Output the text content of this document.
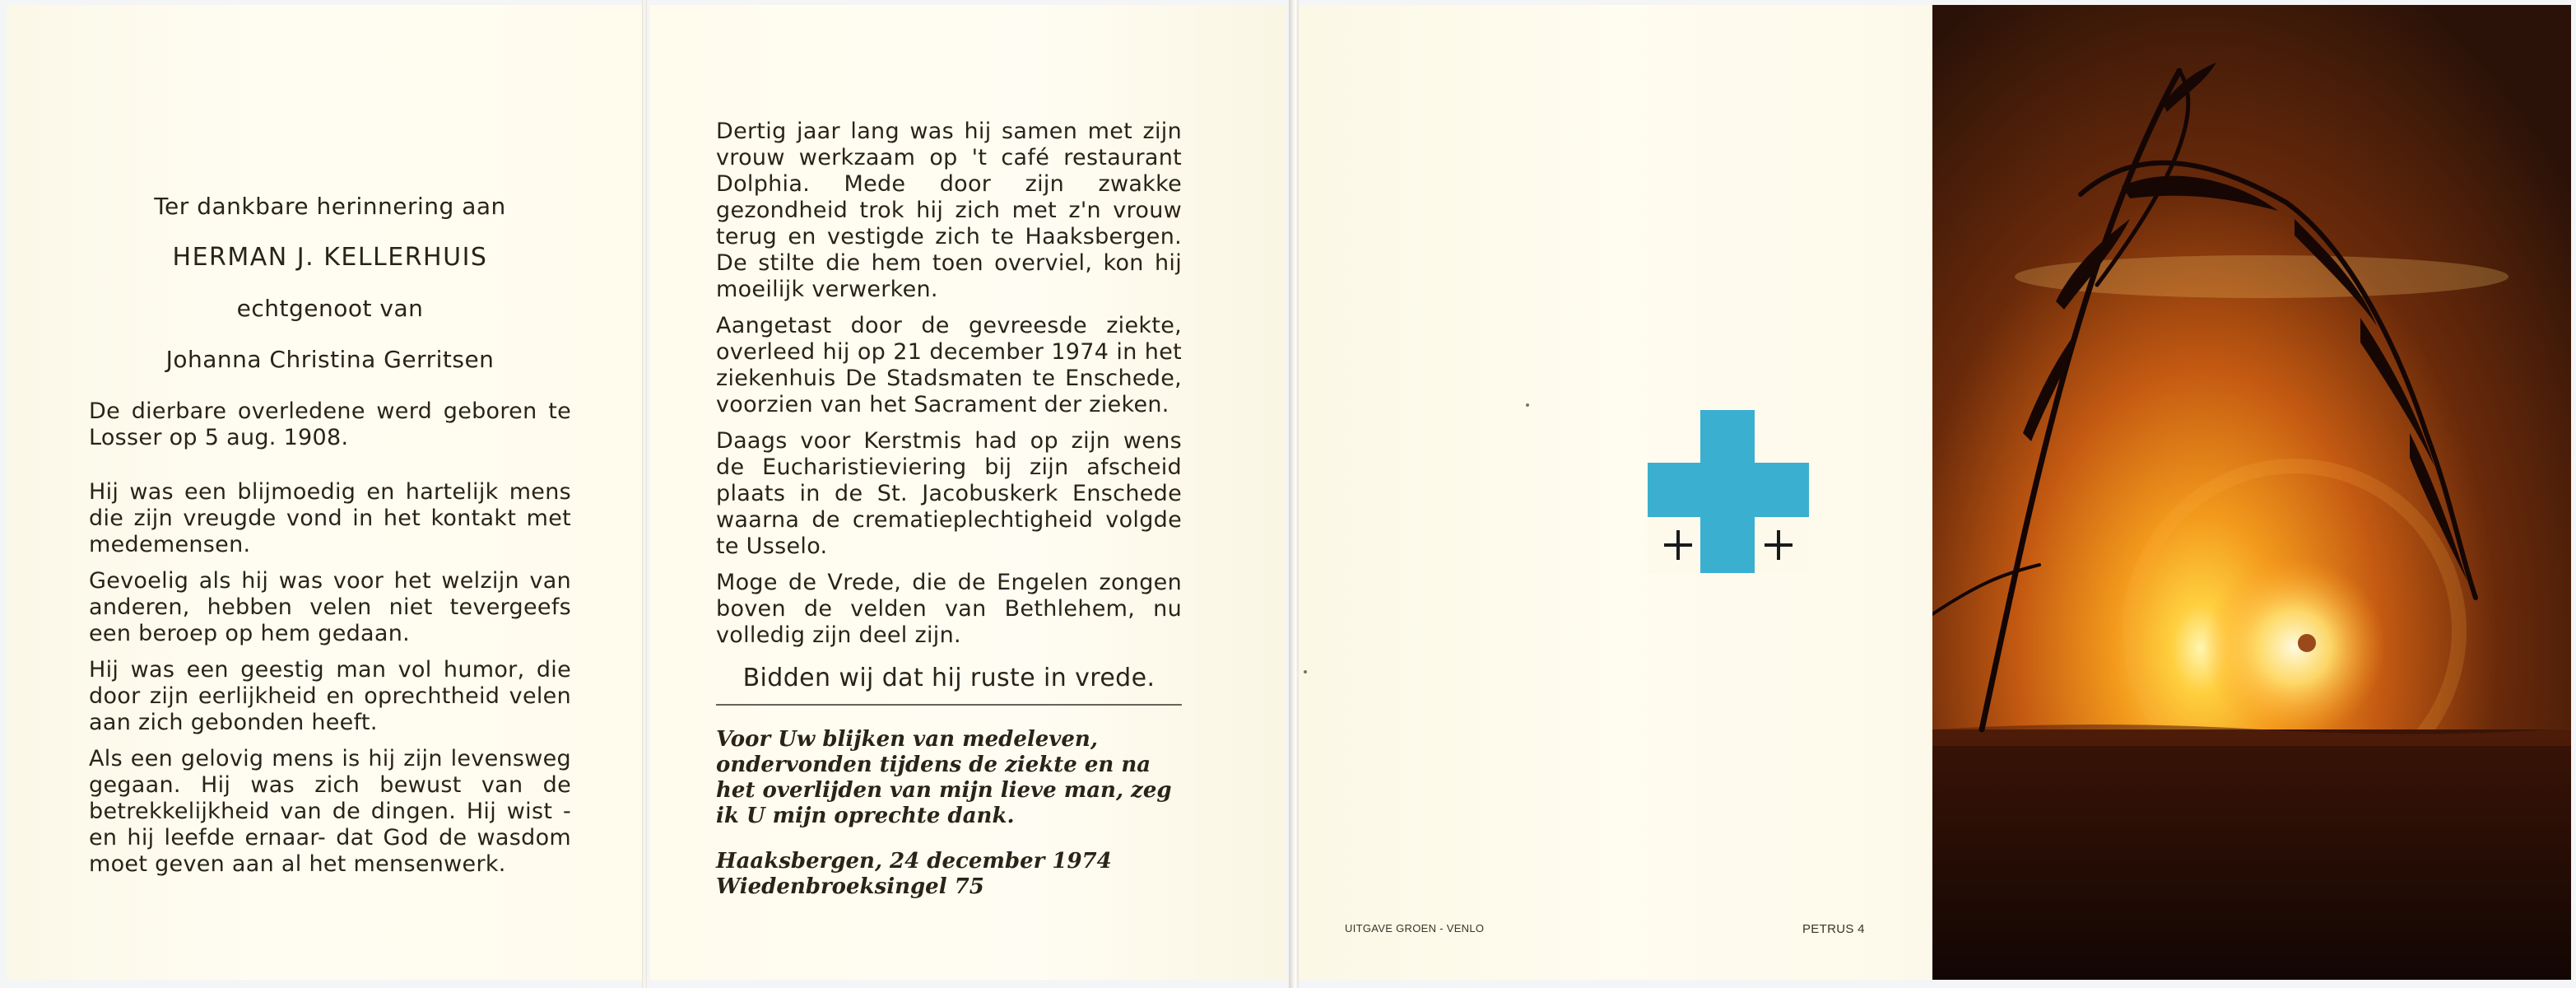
Ter dankbare herinnering aan
HERMAN J. KELLERHUIS
echtgenoot van
Johanna Christina Gerritsen

De dierbare overledene werd geboren te Losser op 5 aug. 1908.

Hij was een blijmoedig en hartelijk mens die zijn vreugde vond in het kontakt met medemensen.

Gevoelig als hij was voor het welzijn van anderen, hebben velen niet tevergeefs een beroep op hem gedaan.

Hij was een geestig man vol humor, die door zijn eerlijkheid en oprechtheid velen aan zich gebonden heeft.

Als een gelovig mens is hij zijn levensweg gegaan. Hij was zich bewust van de betrekkelijkheid van de dingen. Hij wist -en hij leefde ernaar- dat God de wasdom moet geven aan al het mensenwerk.

Dertig jaar lang was hij samen met zijn vrouw werkzaam op 't café restaurant Dolphia. Mede door zijn zwakke gezondheid trok hij zich met z'n vrouw terug en vestigde zich te Haaksbergen. De stilte die hem toen overviel, kon hij moeilijk verwerken.

Aangetast door de gevreesde ziekte, overleed hij op 21 december 1974 in het ziekenhuis De Stadsmaten te Enschede, voorzien van het Sacrament der zieken.

Daags voor Kerstmis had op zijn wens de Eucharistieviering bij zijn afscheid plaats in de St. Jacobuskerk Enschede waarna de crematieplechtigheid volgde te Usselo.

Moge de Vrede, die de Engelen zongen boven de velden van Bethlehem, nu volledig zijn deel zijn.

Bidden wij dat hij ruste in vrede.

Voor Uw blijken van medeleven, ondervonden tijdens de ziekte en na het overlijden van mijn lieve man, zeg ik U mijn oprechte dank.

Haaksbergen, 24 december 1974

Wiedenbroeksingel 75

UITGAVE GROEN - VENLO	PETRUS 4
